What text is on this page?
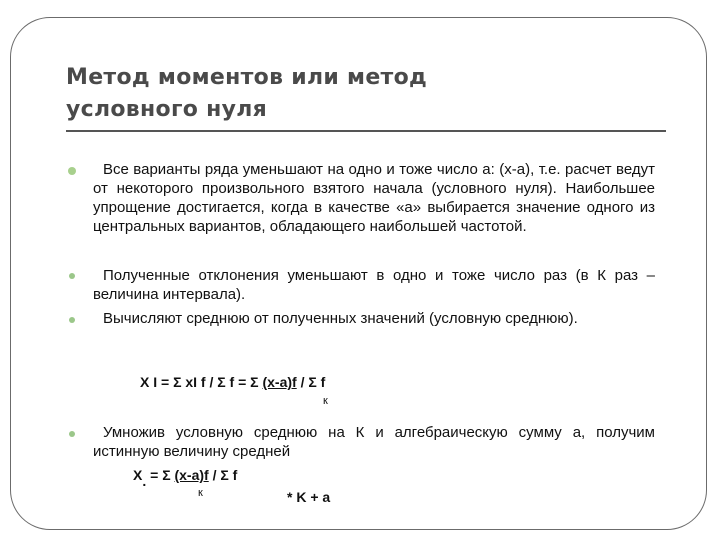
Метод моментов или метод
условного нуля
Все варианты ряда уменьшают на одно и тоже число а: (х-а), т.е. расчет ведут от некоторого произвольного взятого начала (условного нуля). Наибольшее упрощение достигается, когда в качестве «а» выбирается значение одного из центральных вариантов, обладающего наибольшей частотой.
Полученные отклонения уменьшают в одно и тоже число раз (в К раз – величина интервала).
Вычисляют среднюю от полученных значений (условную среднюю).
X I = Σ xI f / Σ f = Σ (x-a)f / Σ f
к
Умножив условную среднюю на К и алгебраическую сумму а, получим истинную величину средней
X. = Σ (x-a)f / Σ f
к	* K + a
